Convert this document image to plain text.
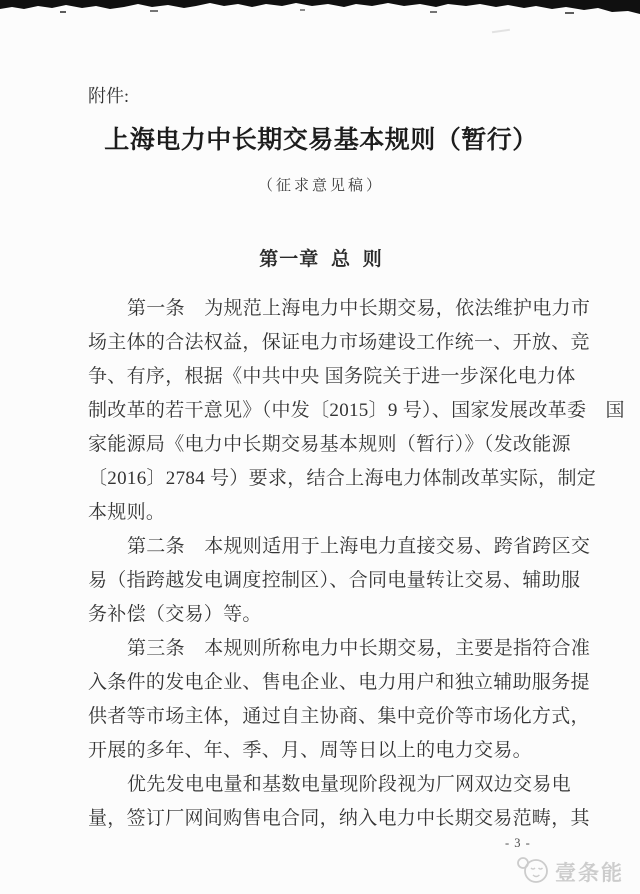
附件:
上海电力中长期交易基本规则（暂行）
（征求意见稿）
第一章 总 则
第一条　为规范上海电力中长期交易，依法维护电力市
场主体的合法权益，保证电力市场建设工作统一、开放、竞
争、有序，根据《中共中央 国务院关于进一步深化电力体
制改革的若干意见》（中发〔2015〕9 号）、国家发展改革委　国
家能源局《电力中长期交易基本规则（暂行）》（发改能源
〔2016〕2784 号）要求，结合上海电力体制改革实际，制定
本规则。
第二条　本规则适用于上海电力直接交易、跨省跨区交
易（指跨越发电调度控制区）、合同电量转让交易、辅助服
务补偿（交易）等。
第三条　本规则所称电力中长期交易，主要是指符合准
入条件的发电企业、售电企业、电力用户和独立辅助服务提
供者等市场主体，通过自主协商、集中竞价等市场化方式，
开展的多年、年、季、月、周等日以上的电力交易。
优先发电电量和基数电量现阶段视为厂网双边交易电
量，签订厂网间购售电合同，纳入电力中长期交易范畴，其
- 3 -
壹条能
